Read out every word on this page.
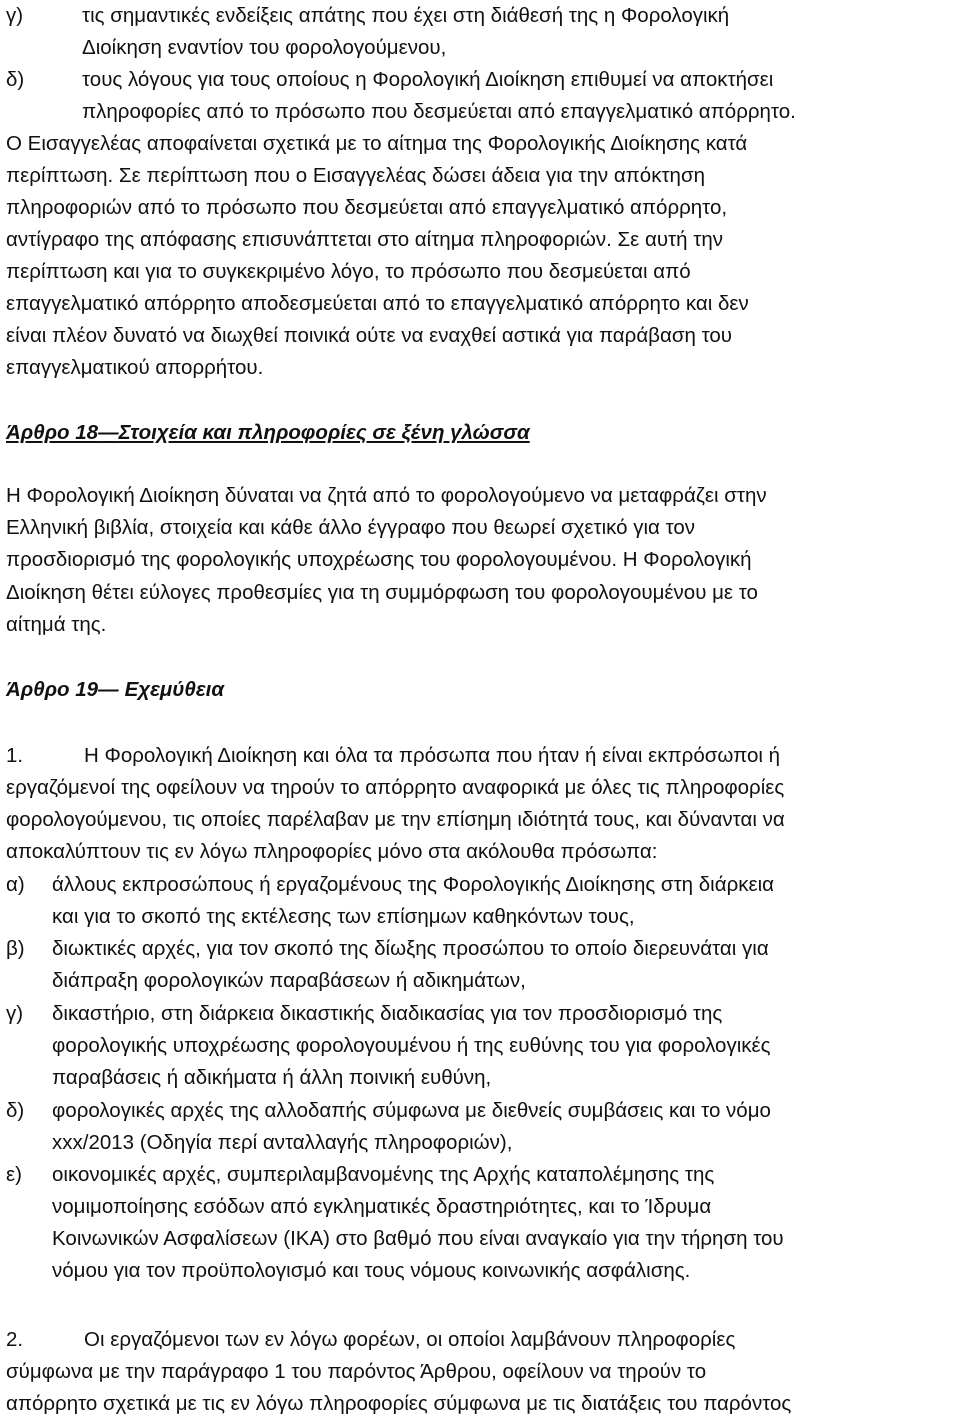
γ)	τις σημαντικές ενδείξεις απάτης που έχει στη διάθεσή της η Φορολογική
Διοίκηση εναντίον του φορολογούμενου,
δ)	τους λόγους για τους οποίους η Φορολογική Διοίκηση επιθυμεί να αποκτήσει
πληροφορίες από το πρόσωπο που δεσμεύεται από επαγγελματικό απόρρητο.
Ο Εισαγγελέας αποφαίνεται σχετικά με το αίτημα της Φορολογικής Διοίκησης κατά
περίπτωση. Σε περίπτωση που ο Εισαγγελέας δώσει άδεια για την απόκτηση
πληροφοριών από το πρόσωπο που δεσμεύεται από επαγγελματικό απόρρητο,
αντίγραφο της απόφασης επισυνάπτεται στο αίτημα πληροφοριών. Σε αυτή την
περίπτωση και για το συγκεκριμένο λόγο, το πρόσωπο που δεσμεύεται από
επαγγελματικό απόρρητο αποδεσμεύεται από το επαγγελματικό απόρρητο και δεν
είναι πλέον δυνατό να διωχθεί ποινικά ούτε να εναχθεί αστικά για παράβαση του
επαγγελματικού απορρήτου.
Άρθρο 18—Στοιχεία και πληροφορίες σε ξένη γλώσσα
Η Φορολογική Διοίκηση δύναται να ζητά από το φορολογούμενο να μεταφράζει στην
Ελληνική βιβλία, στοιχεία και κάθε άλλο έγγραφο που θεωρεί σχετικό για τον
προσδιορισμό της φορολογικής υποχρέωσης του φορολογουμένου. Η Φορολογική
Διοίκηση θέτει εύλογες προθεσμίες για τη συμμόρφωση του φορολογουμένου με το
αίτημά της.
Άρθρο 19— Εχεμύθεια
1.	Η Φορολογική Διοίκηση και όλα τα πρόσωπα που ήταν ή είναι εκπρόσωποι ή
εργαζόμενοί της οφείλουν να τηρούν το απόρρητο αναφορικά με όλες τις πληροφορίες
φορολογούμενου, τις οποίες παρέλαβαν με την επίσημη ιδιότητά τους, και δύνανται να
αποκαλύπτουν τις εν λόγω πληροφορίες μόνο στα ακόλουθα πρόσωπα:
α) άλλους εκπροσώπους ή εργαζομένους της Φορολογικής Διοίκησης στη διάρκεια
και για το σκοπό της εκτέλεσης των επίσημων καθηκόντων τους,
β) διωκτικές αρχές, για τον σκοπό της δίωξης προσώπου το οποίο διερευνάται για
διάπραξη φορολογικών παραβάσεων ή αδικημάτων,
γ) δικαστήριο, στη διάρκεια δικαστικής διαδικασίας για τον προσδιορισμό της
φορολογικής υποχρέωσης φορολογουμένου ή της ευθύνης του για φορολογικές
παραβάσεις ή αδικήματα ή άλλη ποινική ευθύνη,
δ) φορολογικές αρχές της αλλοδαπής σύμφωνα με διεθνείς συμβάσεις και το νόμο
xxx/2013 (Οδηγία περί ανταλλαγής πληροφοριών),
ε) οικονομικές αρχές, συμπεριλαμβανομένης της Αρχής καταπολέμησης της
νομιμοποίησης εσόδων από εγκληματικές δραστηριότητες, και το Ίδρυμα
Κοινωνικών Ασφαλίσεων (ΙΚΑ) στο βαθμό που είναι αναγκαίο για την τήρηση του
νόμου για τον προϋπολογισμό και τους νόμους κοινωνικής ασφάλισης.
2.	Οι εργαζόμενοι των εν λόγω φορέων, οι οποίοι λαμβάνουν πληροφορίες
σύμφωνα με την παράγραφο 1 του παρόντος Άρθρου, οφείλουν να τηρούν το
απόρρητο σχετικά με τις εν λόγω πληροφορίες σύμφωνα με τις διατάξεις του παρόντος
